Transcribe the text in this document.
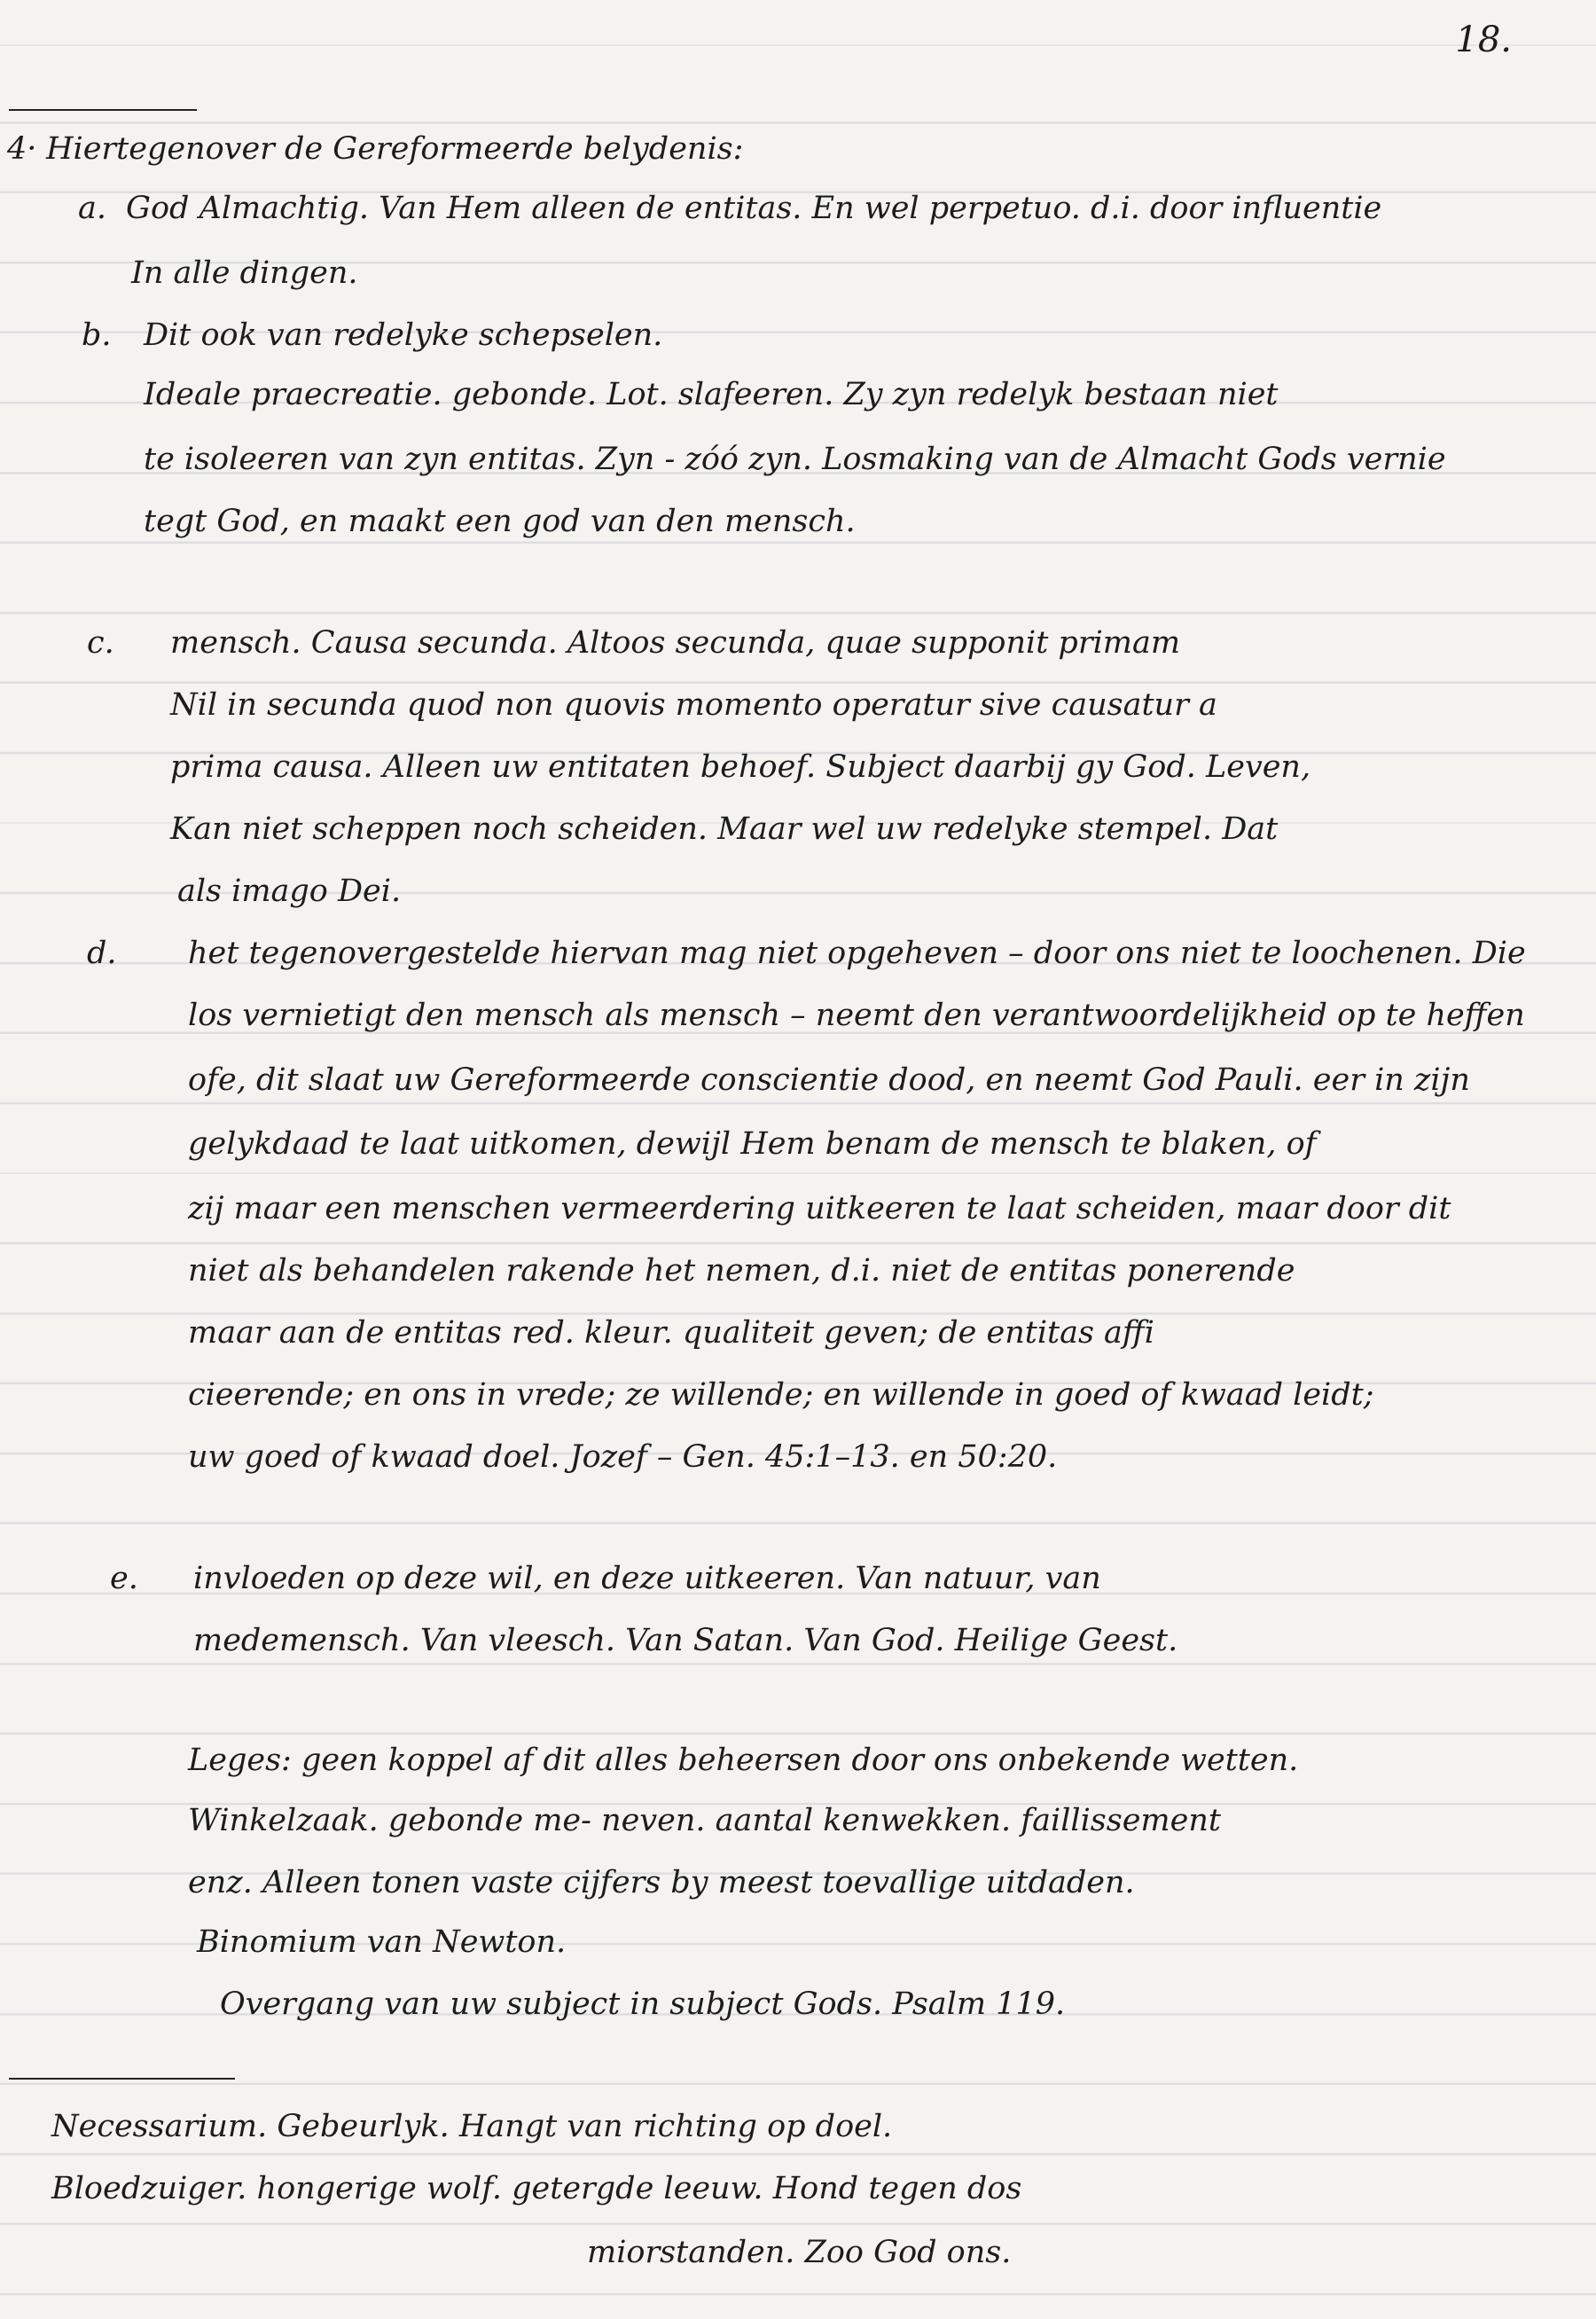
18.
4· Hiertegenover de Gereformeerde belydenis:
a. God Almachtig. Van Hem alleen de entitas. En wel perpetuo. d.i. door influentie
In alle dingen.
b. Dit ook van redelyke schepselen.
Ideale praecreatie. gebonde. Lot. slafeeren. Zy zyn redelyk bestaan niet
te isoleeren van zyn entitas. Zyn - zóó zyn. Losmaking van de Almacht Gods vernie
tegt God, en maakt een god van den mensch.
c. mensch. Causa secunda. Altoos secunda, quae supponit primam
Nil in secunda quod non quovis momento operatur sive causatur a
prima causa. Alleen uw entitaten behoef. Subject daarbij gy God. Leven,
Kan niet scheppen noch scheiden. Maar wel uw redelyke stempel. Dat
als imago Dei.
d. het tegenovergestelde hiervan mag niet opgeheven – door ons niet te loochenen. Die
los vernietigt den mensch als mensch – neemt den verantwoordelijkheid op te heffen
ofe, dit slaat uw Gereformeerde conscientie dood, en neemt God Pauli. eer in zijn
gelykdaad te laat uitkomen, dewijl Hem benam de mensch te blaken, of
zij maar een menschen vermeerdering uitkeeren te laat scheiden, maar door dit
niet als behandelen rakende het nemen, d.i. niet de entitas ponerende
maar aan de entitas red. kleur. qualiteit geven; de entitas affi
cieerende; en ons in vrede; ze willende; en willende in goed of kwaad leidt;
uw goed of kwaad doel. Jozef – Gen. 45:1–13. en 50:20.
e. invloeden op deze wil, en deze uitkeeren. Van natuur, van
medemensch. Van vleesch. Van Satan. Van God. Heilige Geest.
Leges: geen koppel af dit alles beheersen door ons onbekende wetten.
Winkelzaak. gebonde me- neven. aantal kenwekken. faillissement
enz. Alleen tonen vaste cijfers by meest toevallige uitdaden.
Binomium van Newton.
Overgang van uw subject in subject Gods. Psalm 119.
Necessarium. Gebeurlyk. Hangt van richting op doel.
Bloedzuiger. hongerige wolf. getergde leeuw. Hond tegen dos
miorstanden. Zoo God ons.
